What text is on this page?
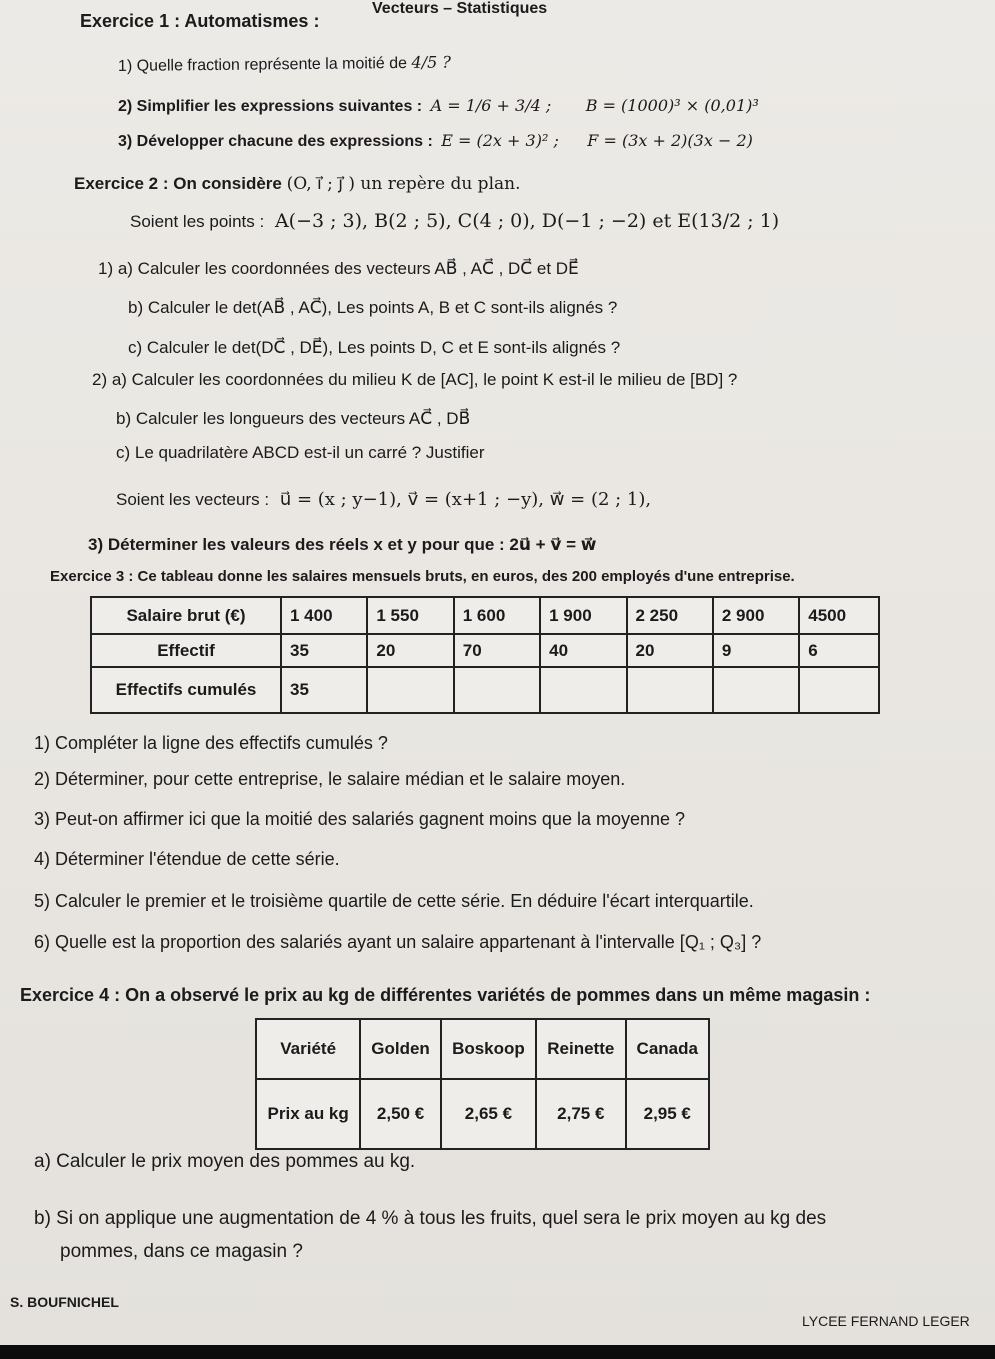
Vecteurs – Statistiques
Exercice 1 : Automatismes :
1) Quelle fraction représente la moitié de 4/5 ?
2) Simplifier les expressions suivantes : A = 1/6 + 3/4 ; B = (1000)³ × (0,01)³
3) Développer chacune des expressions : E = (2x + 3)² ; F = (3x + 2)(3x − 2)
Exercice 2 : On considère (O, i⃗ ; j⃗ ) un repère du plan.
Soient les points : A(−3 ; 3), B(2 ; 5), C(4 ; 0), D(−1 ; −2) et E(13/2 ; 1)
1) a) Calculer les coordonnées des vecteurs AB⃗ , AC⃗ , DC⃗ et DE⃗
b) Calculer le det(AB⃗ , AC⃗), Les points A, B et C sont-ils alignés ?
c) Calculer le det(DC⃗ , DE⃗), Les points D, C et E sont-ils alignés ?
2) a) Calculer les coordonnées du milieu K de [AC], le point K est-il le milieu de [BD] ?
b) Calculer les longueurs des vecteurs AC⃗ , DB⃗
c) Le quadrilatère ABCD est-il un carré ? Justifier
Soient les vecteurs : u⃗ = (x ; y−1), v⃗ = (x+1 ; −y), w⃗ = (2 ; 1),
3) Déterminer les valeurs des réels x et y pour que : 2u⃗ + v⃗ = w⃗
Exercice 3 : Ce tableau donne les salaires mensuels bruts, en euros, des 200 employés d'une entreprise.
Salaire brut (€)	1 400	1 550	1 600	1 900	2 250	2 900	4500
Effectif	35	20	70	40	20	9	6
Effectifs cumulés	35						
1) Compléter la ligne des effectifs cumulés ?
2) Déterminer, pour cette entreprise, le salaire médian et le salaire moyen.
3) Peut-on affirmer ici que la moitié des salariés gagnent moins que la moyenne ?
4) Déterminer l'étendue de cette série.
5) Calculer le premier et le troisième quartile de cette série. En déduire l'écart interquartile.
6) Quelle est la proportion des salariés ayant un salaire appartenant à l'intervalle [Q₁ ; Q₃] ?
Exercice 4 : On a observé le prix au kg de différentes variétés de pommes dans un même magasin :
Variété	Golden	Boskoop	Reinette	Canada
Prix au kg	2,50 €	2,65 €	2,75 €	2,95 €
a) Calculer le prix moyen des pommes au kg.
b) Si on applique une augmentation de 4 % à tous les fruits, quel sera le prix moyen au kg des
pommes, dans ce magasin ?
S. BOUFNICHEL
LYCEE FERNAND LEGER
